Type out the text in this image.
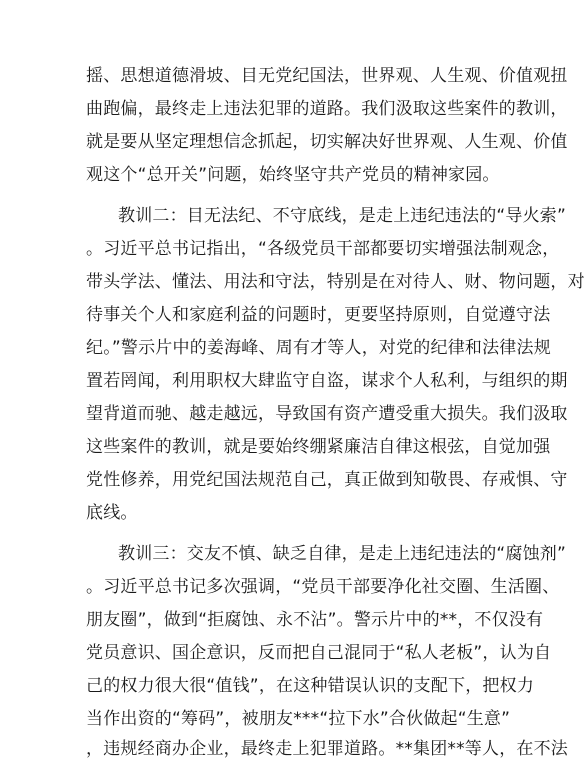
摇、思想道德滑坡、目无党纪国法，世界观、人生观、价值观扭
曲跑偏，最终走上违法犯罪的道路。我们汲取这些案件的教训，
就是要从坚定理想信念抓起，切实解决好世界观、人生观、价值
观这个“总开关”问题，始终坚守共产党员的精神家园。
教训二：目无法纪、不守底线，是走上违纪违法的“导火索”
。习近平总书记指出，“各级党员干部都要切实增强法制观念，
带头学法、懂法、用法和守法，特别是在对待人、财、物问题，对
待事关个人和家庭利益的问题时，更要坚持原则，自觉遵守法
纪。”警示片中的姜海峰、周有才等人，对党的纪律和法律法规
置若罔闻，利用职权大肆监守自盗，谋求个人私利，与组织的期
望背道而驰、越走越远，导致国有资产遭受重大损失。我们汲取
这些案件的教训，就是要始终绷紧廉洁自律这根弦，自觉加强
党性修养，用党纪国法规范自己，真正做到知敬畏、存戒惧、守
底线。
教训三：交友不慎、缺乏自律，是走上违纪违法的“腐蚀剂”
。习近平总书记多次强调，“党员干部要净化社交圈、生活圈、
朋友圈”，做到“拒腐蚀、永不沾”。警示片中的**，不仅没有
党员意识、国企意识，反而把自己混同于“私人老板”，认为自
己的权力很大很“值钱”，在这种错误认识的支配下，把权力
当作出资的“筹码”，被朋友***“拉下水”合伙做起“生意”
，违规经商办企业，最终走上犯罪道路。**集团**等人，在不法
